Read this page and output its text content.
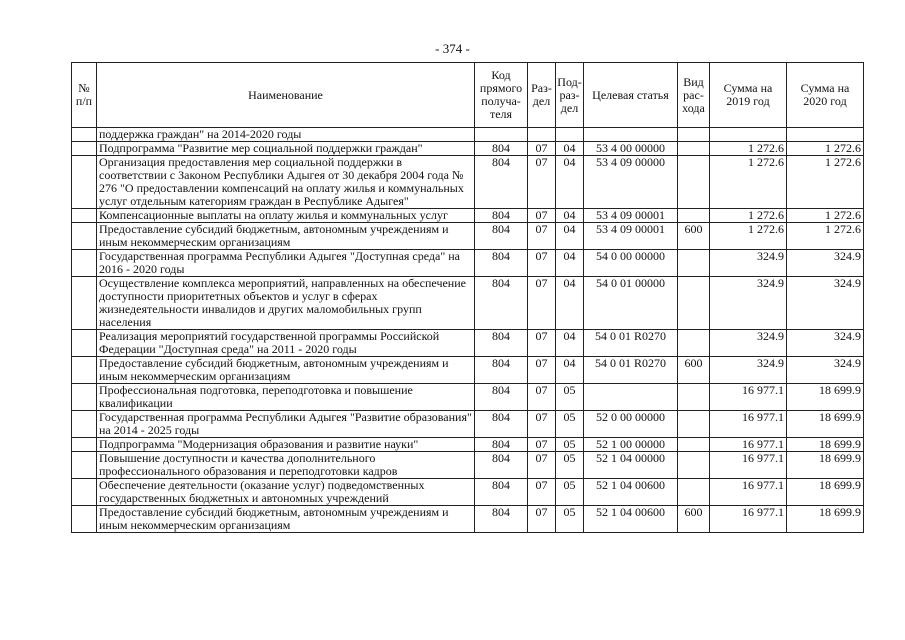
- 374 -
№ п/п	Наименование	Код прямого получа-теля	Раз-дел	Под-раз-дел	Целевая статья	Вид рас-хода	Сумма на 2019 год	Сумма на 2020 год
	поддержка граждан" на 2014-2020 годы							
	Подпрограмма "Развитие мер социальной поддержки граждан"	804	07	04	53 4 00 00000		1 272.6	1 272.6
	Организация предоставления мер социальной поддержки в соответствии с Законом Республики Адыгея от 30 декабря 2004 года № 276 "О предоставлении компенсаций на оплату жилья и коммунальных услуг отдельным категориям граждан в Республике Адыгея"	804	07	04	53 4 09 00000		1 272.6	1 272.6
	Компенсационные выплаты на оплату жилья и коммунальных услуг	804	07	04	53 4 09 00001		1 272.6	1 272.6
	Предоставление субсидий бюджетным, автономным учреждениям и иным некоммерческим организациям	804	07	04	53 4 09 00001	600	1 272.6	1 272.6
	Государственная программа Республики Адыгея "Доступная среда" на 2016 - 2020 годы	804	07	04	54 0 00 00000		324.9	324.9
	Осуществление комплекса мероприятий, направленных на обеспечение доступности приоритетных объектов и услуг в сферах жизнедеятельности инвалидов и других маломобильных групп населения	804	07	04	54 0 01 00000		324.9	324.9
	Реализация мероприятий государственной программы Российской Федерации "Доступная среда" на 2011 - 2020 годы	804	07	04	54 0 01 R0270		324.9	324.9
	Предоставление субсидий бюджетным, автономным учреждениям и иным некоммерческим организациям	804	07	04	54 0 01 R0270	600	324.9	324.9
	Профессиональная подготовка, переподготовка и повышение квалификации	804	07	05			16 977.1	18 699.9
	Государственная программа Республики Адыгея "Развитие образования" на 2014 - 2025 годы	804	07	05	52 0 00 00000		16 977.1	18 699.9
	Подпрограмма "Модернизация образования и развитие науки"	804	07	05	52 1 00 00000		16 977.1	18 699.9
	Повышение доступности и качества дополнительного профессионального образования и переподготовки кадров	804	07	05	52 1 04 00000		16 977.1	18 699.9
	Обеспечение деятельности (оказание услуг) подведомственных государственных бюджетных и автономных учреждений	804	07	05	52 1 04 00600		16 977.1	18 699.9
	Предоставление субсидий бюджетным, автономным учреждениям и иным некоммерческим организациям	804	07	05	52 1 04 00600	600	16 977.1	18 699.9
